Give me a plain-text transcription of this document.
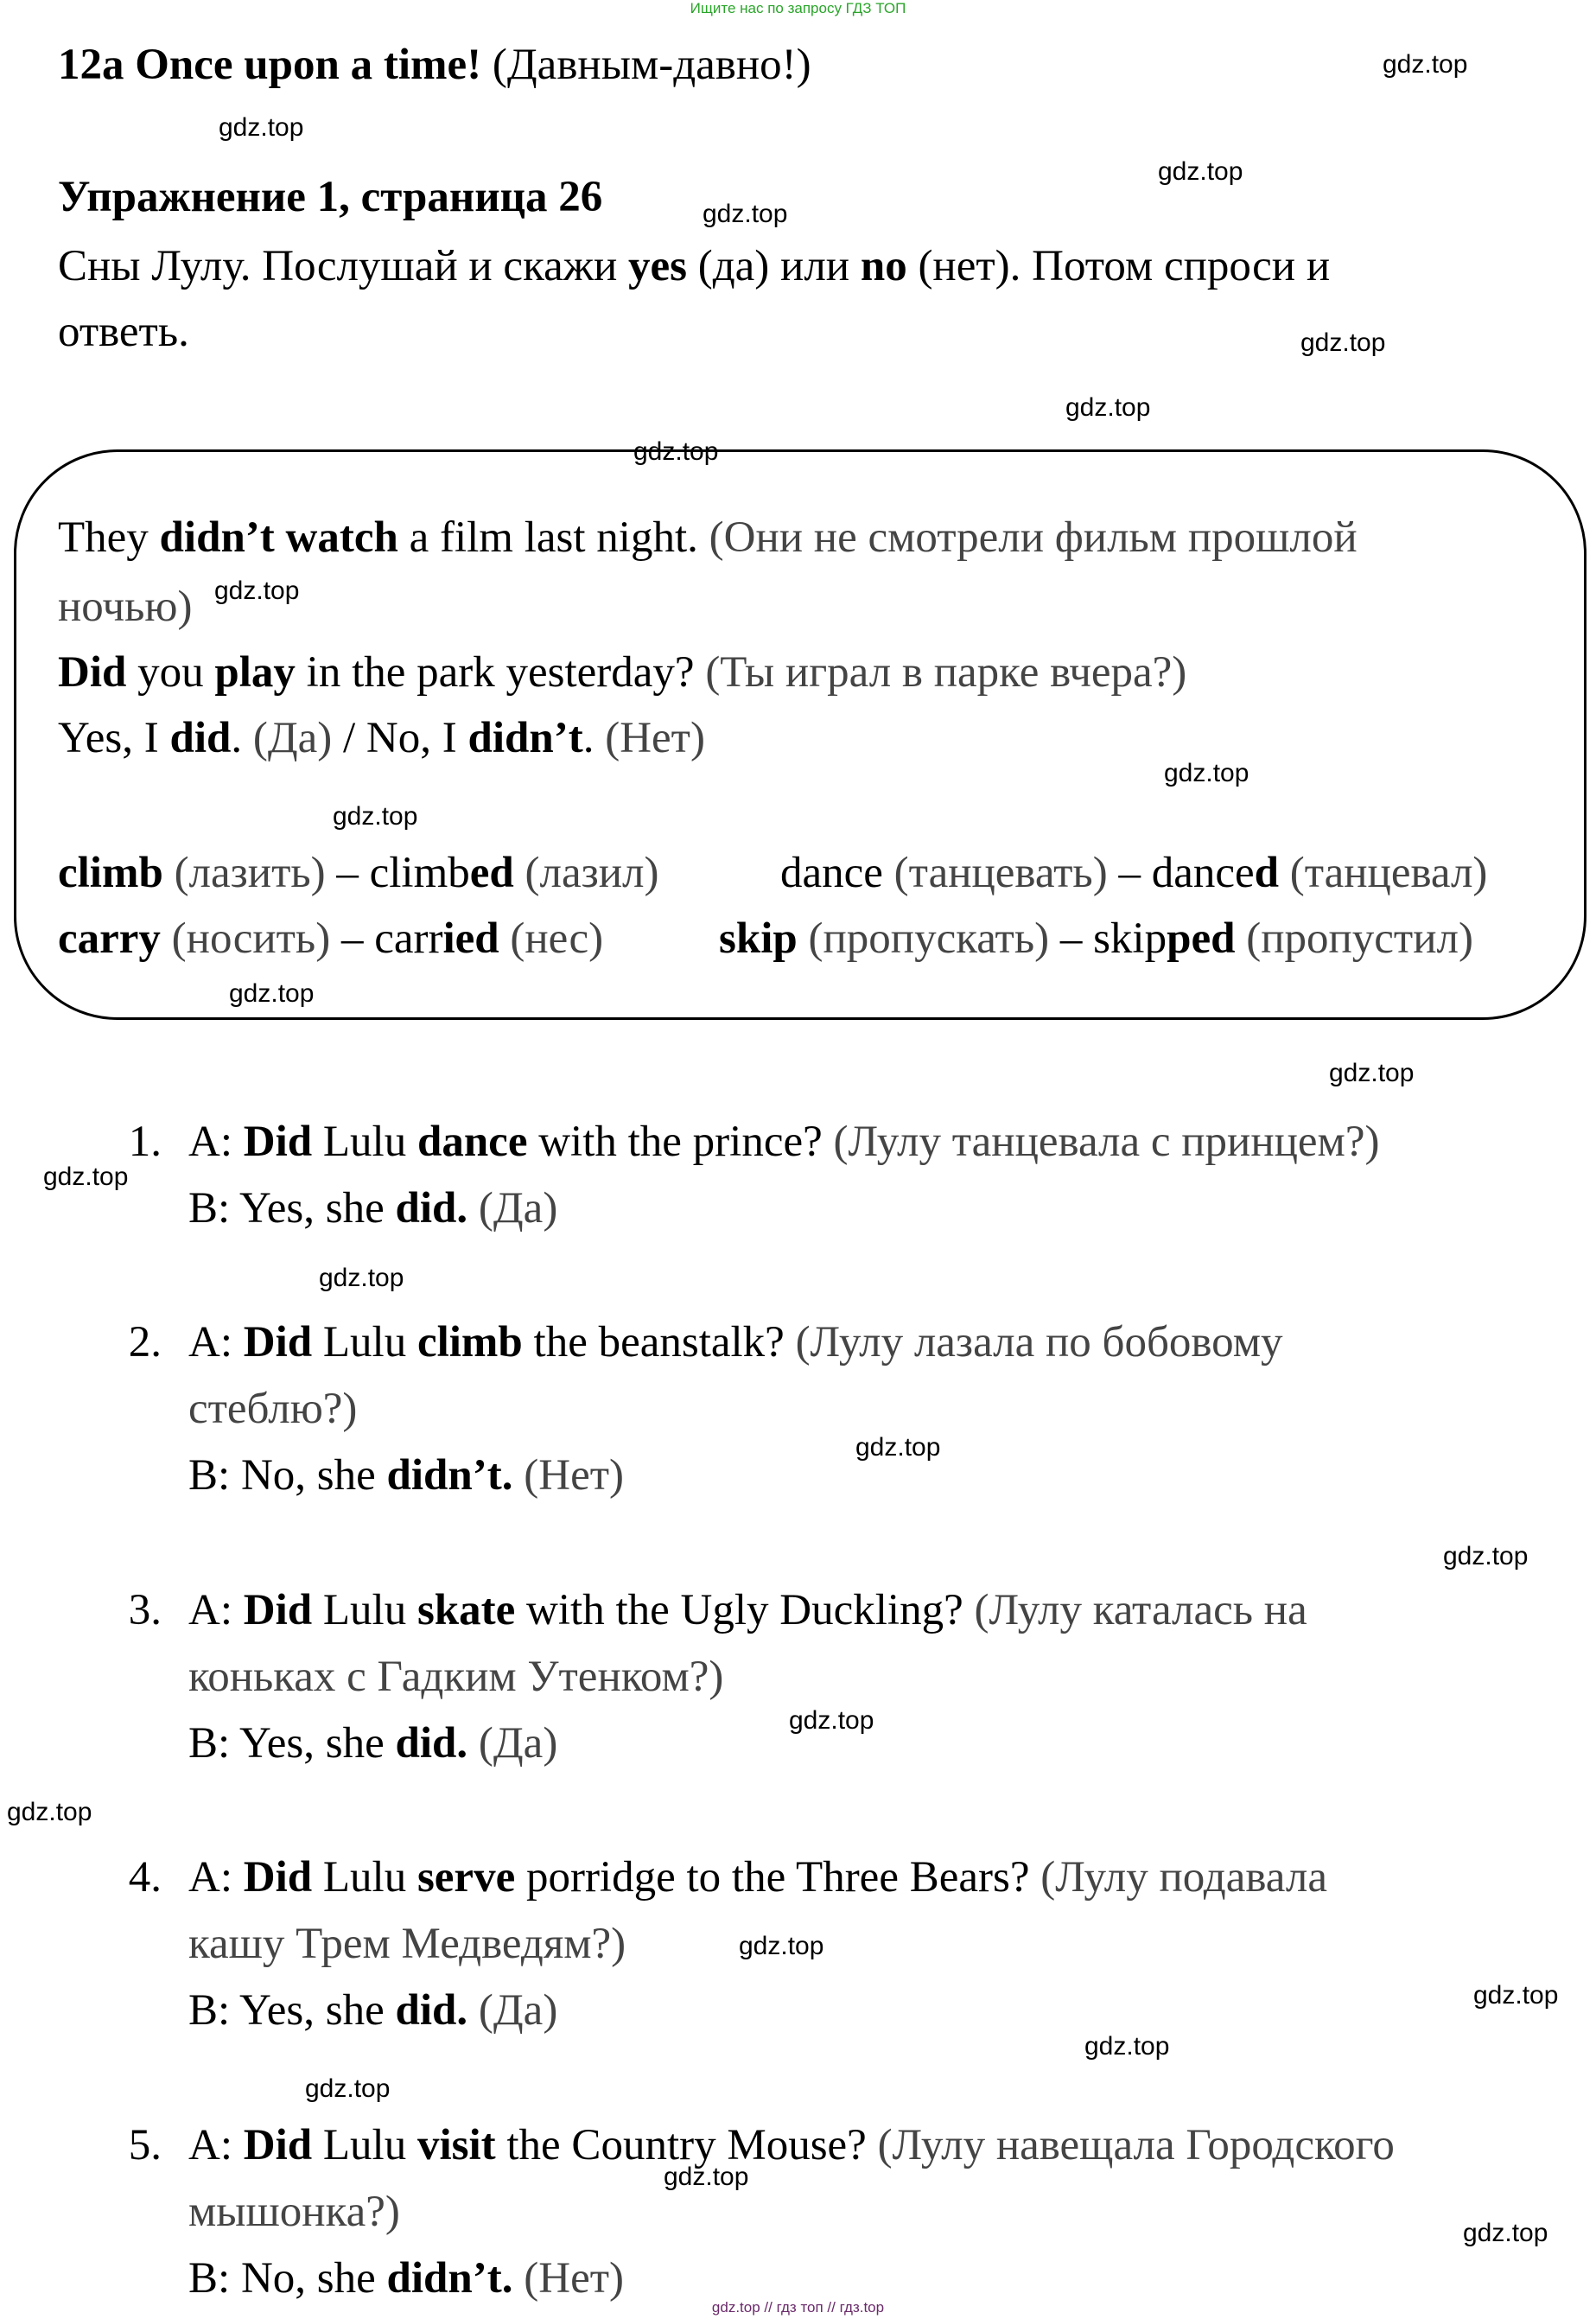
Ищите нас по запросу ГДЗ ТОП
12a Once upon a time! (Давным-давно!)
Упражнение 1, страница 26
Сны Лулу. Послушай и скажи yes (да) или no (нет). Потом спроси и
ответь.
They didn’t watch a film last night. (Они не смотрели фильм прошлой
ночью)
Did you play in the park yesterday? (Ты играл в парке вчера?)
Yes, I did. (Да) / No, I didn’t. (Нет)
climb (лазить) – climbed (лазил)	dance (танцевать) – danced (танцевал)
carry (носить) – carried (нес)	skip (пропускать) – skipped (пропустил)
1. A: Did Lulu dance with the prince? (Лулу танцевала с принцем?)
B: Yes, she did. (Да)
2. A: Did Lulu climb the beanstalk? (Лулу лазала по бобовому
стеблю?)
B: No, she didn’t. (Нет)
3. A: Did Lulu skate with the Ugly Duckling? (Лулу каталась на
коньках с Гадким Утенком?)
B: Yes, she did. (Да)
4. A: Did Lulu serve porridge to the Three Bears? (Лулу подавала
кашу Трем Медведям?)
B: Yes, she did. (Да)
5. A: Did Lulu visit the Country Mouse? (Лулу навещала Городского
мышонка?)
B: No, she didn’t. (Нет)
gdz.top
gdz.top
gdz.top
gdz.top
gdz.top
gdz.top
gdz.top
gdz.top
gdz.top
gdz.top
gdz.top
gdz.top
gdz.top
gdz.top
gdz.top
gdz.top
gdz.top
gdz.top
gdz.top
gdz.top
gdz.top
gdz.top
gdz.top
gdz.top
gdz.top // гдз топ // гдз.top
